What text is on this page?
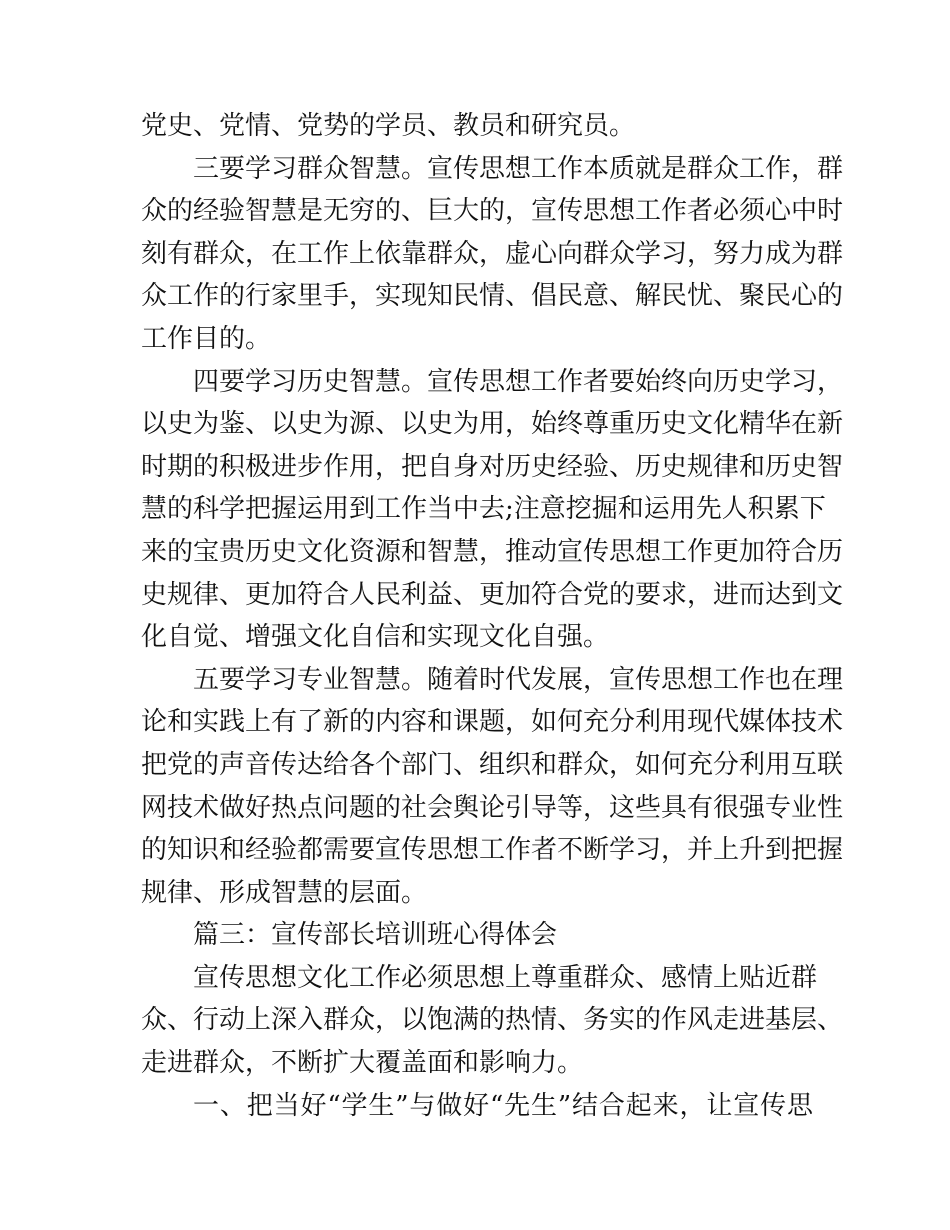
党史、党情、党势的学员、教员和研究员。
三要学习群众智慧。宣传思想工作本质就是群众工作，群
众的经验智慧是无穷的、巨大的，宣传思想工作者必须心中时
刻有群众，在工作上依靠群众，虚心向群众学习，努力成为群
众工作的行家里手，实现知民情、倡民意、解民忧、聚民心的
工作目的。
四要学习历史智慧。宣传思想工作者要始终向历史学习，
以史为鉴、以史为源、以史为用，始终尊重历史文化精华在新
时期的积极进步作用，把自身对历史经验、历史规律和历史智
慧的科学把握运用到工作当中去;注意挖掘和运用先人积累下
来的宝贵历史文化资源和智慧，推动宣传思想工作更加符合历
史规律、更加符合人民利益、更加符合党的要求，进而达到文
化自觉、增强文化自信和实现文化自强。
五要学习专业智慧。随着时代发展，宣传思想工作也在理
论和实践上有了新的内容和课题，如何充分利用现代媒体技术
把党的声音传达给各个部门、组织和群众，如何充分利用互联
网技术做好热点问题的社会舆论引导等，这些具有很强专业性
的知识和经验都需要宣传思想工作者不断学习，并上升到把握
规律、形成智慧的层面。
篇三：宣传部长培训班心得体会
宣传思想文化工作必须思想上尊重群众、感情上贴近群
众、行动上深入群众，以饱满的热情、务实的作风走进基层、
走进群众，不断扩大覆盖面和影响力。
一、把当好“学生”与做好“先生”结合起来，让宣传思
